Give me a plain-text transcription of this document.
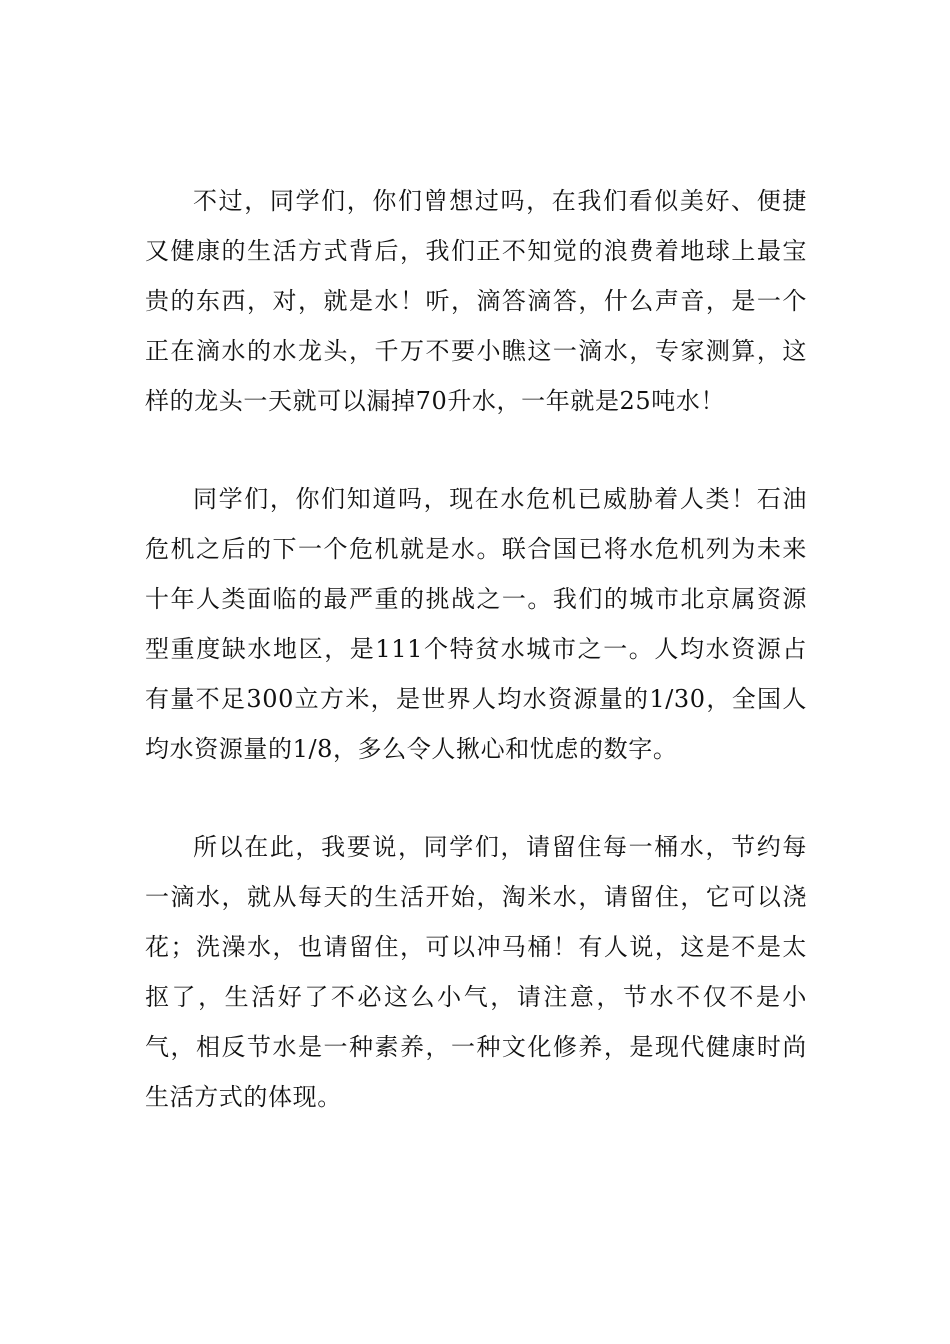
不过，同学们，你们曾想过吗，在我们看似美好、便捷又健康的生活方式背后，我们正不知觉的浪费着地球上最宝贵的东西，对，就是水！听，滴答滴答，什么声音，是一个正在滴水的水龙头，千万不要小瞧这一滴水，专家测算，这样的龙头一天就可以漏掉70升水，一年就是25吨水！

同学们，你们知道吗，现在水危机已威胁着人类！石油危机之后的下一个危机就是水。联合国已将水危机列为未来十年人类面临的最严重的挑战之一。我们的城市北京属资源型重度缺水地区，是111个特贫水城市之一。人均水资源占有量不足300立方米，是世界人均水资源量的1/30，全国人均水资源量的1/8，多么令人揪心和忧虑的数字。

所以在此，我要说，同学们，请留住每一桶水，节约每一滴水，就从每天的生活开始，淘米水，请留住，它可以浇花；洗澡水，也请留住，可以冲马桶！有人说，这是不是太抠了，生活好了不必这么小气，请注意，节水不仅不是小气，相反节水是一种素养，一种文化修养，是现代健康时尚生活方式的体现。
